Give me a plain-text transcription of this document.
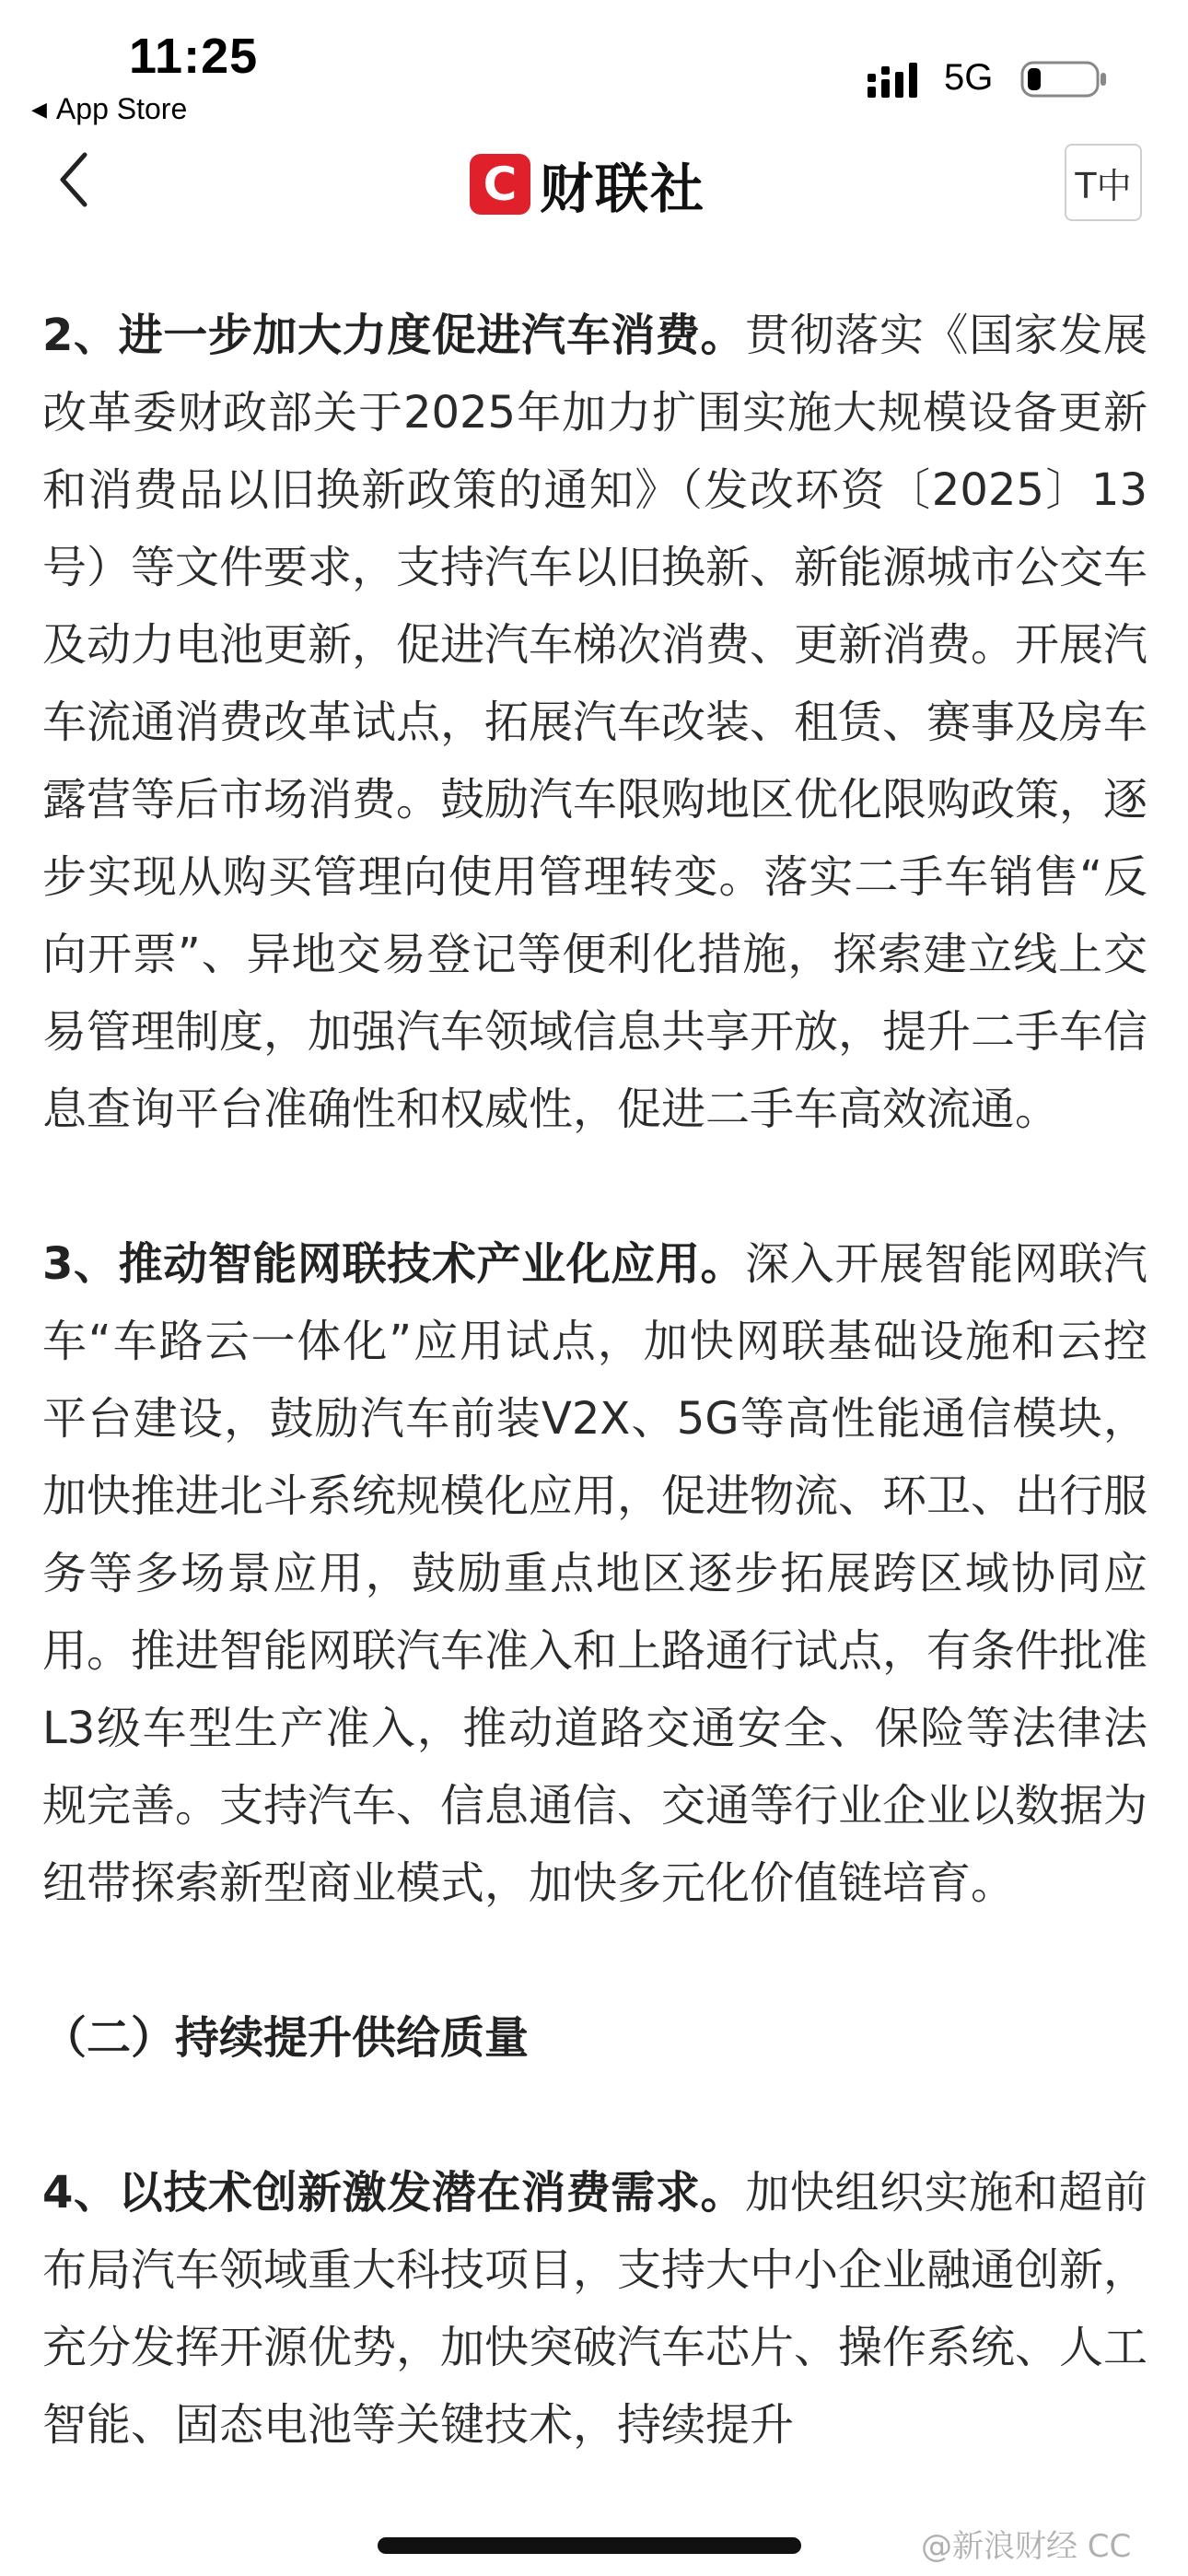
11:25
◀ App Store
5G
C 财联社	T中

2、进一步加大力度促进汽车消费。贯彻落实《国家发展改革委财政部关于2025年加力扩围实施大规模设备更新和消费品以旧换新政策的通知》（发改环资〔2025〕13号）等文件要求，支持汽车以旧换新、新能源城市公交车及动力电池更新，促进汽车梯次消费、更新消费。开展汽车流通消费改革试点，拓展汽车改装、租赁、赛事及房车露营等后市场消费。鼓励汽车限购地区优化限购政策，逐步实现从购买管理向使用管理转变。落实二手车销售“反向开票”、异地交易登记等便利化措施，探索建立线上交易管理制度，加强汽车领域信息共享开放，提升二手车信息查询平台准确性和权威性，促进二手车高效流通。

3、推动智能网联技术产业化应用。深入开展智能网联汽车“车路云一体化”应用试点，加快网联基础设施和云控平台建设，鼓励汽车前装V2X、5G等高性能通信模块，加快推进北斗系统规模化应用，促进物流、环卫、出行服务等多场景应用，鼓励重点地区逐步拓展跨区域协同应用。推进智能网联汽车准入和上路通行试点，有条件批准L3级车型生产准入，推动道路交通安全、保险等法律法规完善。支持汽车、信息通信、交通等行业企业以数据为纽带探索新型商业模式，加快多元化价值链培育。

（二）持续提升供给质量

4、以技术创新激发潜在消费需求。加快组织实施和超前布局汽车领域重大科技项目，支持大中小企业融通创新，充分发挥开源优势，加快突破汽车芯片、操作系统、人工智能、固态电池等关键技术，持续提升

@新浪财经 CC
